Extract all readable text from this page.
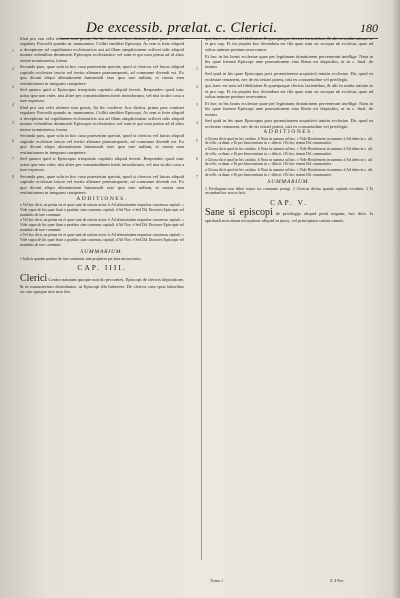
De excessib. prælat. c. Clerici.	180

illud pro suo velit retinere non possit, Ita hic conferre. hoc dicitur, prima pars continet regulam. Procedit quando in. manuumiss. Colliti similiter Episcopi. Ac rem si forte aliquid a deceptione ad cupiditatem ecclesiasticis aut ad illam simplicitatem scilicet talis aliquid mutare volentibus diminuerit Episcopis ecclesiastico vel sunt et qui cum prima ad id alios tenere nominaretur, forma.

Secunda pars, quae sola in hoc casu praesertim spectat, quod si clericus vel laicus aliquid capitulo ecclesiae inscio vel invito alienare praesumpserit, ad commune dicendi est. Ex quo dicunt aliqui alienationem huiusmodi esse ipso iure nullam, et contra eam restitutionem in integrum competere.

Sed quaero quid si Episcopus irrequisito capitulo aliquid fecerit. Respondeo quod tunc actus ipse non valet, nisi aliter per consuetudinem fuerit introductum, vel nisi in alio casu a iure expresso.

illud pro suo velit retinere non possit, Ita hic conferre. hoc dicitur, prima pars continet regulam. Procedit quando in. manuumiss. Colliti similiter Episcopi. Ac rem si forte aliquid a deceptione ad cupiditatem ecclesiasticis aut ad illam simplicitatem scilicet talis aliquid mutare volentibus diminuerit Episcopis ecclesiastico vel sunt et qui cum prima ad id alios tenere nominaretur, forma.

Secunda pars, quae sola in hoc casu praesertim spectat, quod si clericus vel laicus aliquid capitulo ecclesiae inscio vel invito alienare praesumpserit, ad commune dicendi est. Ex quo dicunt aliqui alienationem huiusmodi esse ipso iure nullam, et contra eam restitutionem in integrum competere.

Sed quaero quid si Episcopus irrequisito capitulo aliquid fecerit. Respondeo quod tunc actus ipse non valet, nisi aliter per consuetudinem fuerit introductum, vel nisi in alio casu a iure expresso.

Secunda pars, quae sola in hoc casu praesertim spectat, quod si clericus vel laicus aliquid capitulo ecclesiae inscio vel invito alienare praesumpserit, ad commune dicendi est. Ex quo dicunt aliqui alienationem huiusmodi esse ipso iure nullam, et contra eam restitutionem in integrum competere.

ADDITIONES.

a Vel hoc dicit, an prima est et quae sunt de ratione actus. b Ad alienationem requiritur consensus capituli. c Vide supra de his quae fiunt a praelato sine consensu capituli. d Ad Nov. e Sed Dd. Doctores Episcopis vel mandatis de iure communi.

a Vel hoc dicit, an prima est et quae sunt de ratione actus. b Ad alienationem requiritur consensus capituli. c Vide supra de his quae fiunt a praelato sine consensu capituli. d Ad Nov. e Sed Dd. Doctores Episcopis vel mandatis de iure communi.

a Vel hoc dicit, an prima est et quae sunt de ratione actus. b Ad alienationem requiritur consensus capituli. c Vide supra de his quae fiunt a praelato sine consensu capituli. d Ad Nov. e Sed Dd. Doctores Episcopis vel mandatis de iure communi.

SUMMARIUM.

1 Iudicis quando punitur de iure communi, tum propterea per aliorum iura intus.

CAP. IIII.

Clerici Contra naturam quoque non do peccantes, Episcopi de clericis depositione, & in monasterium detrudantur, ut Episcopi illa haberent. De clericis cum ipsis laboribus sic suo quoque iure non fiet.

qui, haec est nota ad fidelitatem & quaequaque clericis facientibus, & alii ex multa ratione se et pro cap. Et ita propter hoc dicendum est illa quae sunt sic accepta ab ecclesia, quae ad solius animae pretium reservantur.

Et hoc in his bonis ecclesiae quae per legitimam donationem pervenerunt intellige. Nam in his quae fuerunt Episcopi ante promotionem eius libera est dispositio, ut in c. final. de testam.

Sed quid in his quae Episcopus post promotionem acquisivit intuitu ecclesiae. Dic quod ea ecclesiae remanent, nec de eis testari potest, nisi ex consuetudine vel privilegio.

qui, haec est nota ad fidelitatem & quaequaque clericis facientibus, & alii ex multa ratione se et pro cap. Et ita propter hoc dicendum est illa quae sunt sic accepta ab ecclesia, quae ad solius animae pretium reservantur.

Et hoc in his bonis ecclesiae quae per legitimam donationem pervenerunt intellige. Nam in his quae fuerunt Episcopi ante promotionem eius libera est dispositio, ut in c. final. de testam.

Sed quid in his quae Episcopus post promotionem acquisivit intuitu ecclesiae. Dic quod ea ecclesiae remanent, nec de eis testari potest, nisi ex consuetudine vel privilegio.

ADDITIONES.

a Glossa dicit quod in his casibus. b Nota in summa ad hoc. c Vide Hostiensem in summa. d Ad idem in c. ult. de offic. ordinar. e Et per Innocentium in c. dilecti. f Et hoc tenent Dd. communiter.

a Glossa dicit quod in his casibus. b Nota in summa ad hoc. c Vide Hostiensem in summa. d Ad idem in c. ult. de offic. ordinar. e Et per Innocentium in c. dilecti. f Et hoc tenent Dd. communiter.

a Glossa dicit quod in his casibus. b Nota in summa ad hoc. c Vide Hostiensem in summa. d Ad idem in c. ult. de offic. ordinar. e Et per Innocentium in c. dilecti. f Et hoc tenent Dd. communiter.

a Glossa dicit quod in his casibus. b Nota in summa ad hoc. c Vide Hostiensem in summa. d Ad idem in c. ult. de offic. ordinar. e Et per Innocentium in c. dilecti. f Et hoc tenent Dd. communiter.

SUMMARIUM.

1 Privilegium non debet contra ius commune porrigi. 2 Clericus dicitur quando capitulo excedunt. 3 Et secundum hoc non se facit.

CAP. V.

Sane si episcopi de privilegijs aliquid petiti negatur, hoc dicit. Is spirituali non etiam exceptione aliquid in ipsos, vel principium contra omnes.

1
2
3
4
5
6
7
8
1
2
3
4
5
6
7
Tomo i	Z 4 Pro
